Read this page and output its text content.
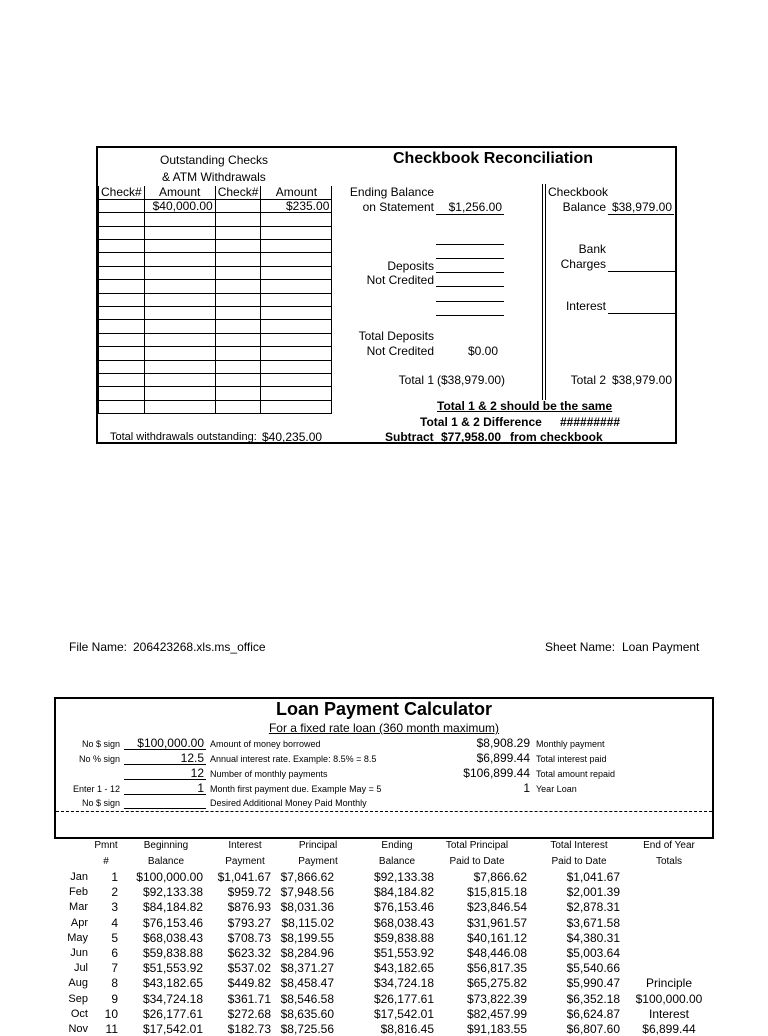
Outstanding Checks
& ATM Withdrawals
Checkbook Reconciliation
Check#	Amount	Check#	Amount
	$40,000.00		$235.00

Total withdrawals outstanding: $40,235.00
Ending Balance
on Statement	$1,256.00
Deposits
Not Credited
Total Deposits
Not Credited	$0.00
Total 1 ($38,979.00)
Checkbook
Balance $38,979.00
Bank
Charges
Interest
Total 2 $38,979.00
Total 1 & 2 should be the same
Total 1 & 2 Difference #########
Subtract $77,958.00 from checkbook
File Name: 206423268.xls.ms_office	Sheet Name: Loan Payment
Loan Payment Calculator
For a fixed rate loan (360 month maximum)
No $ sign	$100,000.00 Amount of money borrowed
No % sign	12.5 Annual interest rate. Example: 8.5% = 8.5
12 Number of monthly payments
Enter 1 - 12	1 Month first payment due. Example May = 5
No $ sign	Desired Additional Money Paid Monthly
$8,908.29 Monthly payment
$6,899.44 Total interest paid
$106,899.44 Total amount repaid
1 Year Loan
Pmnt	Beginning	Interest	Principal	Ending	Total Principal	Total Interest	End of Year
#	Balance	Payment	Payment	Balance	Paid to Date	Paid to Date	Totals
Jan	1	$100,000.00	$1,041.67 $7,866.62	$92,133.38	$7,866.62	$1,041.67
Feb	2	$92,133.38	$959.72 $7,948.56	$84,184.82	$15,815.18	$2,001.39
Mar	3	$84,184.82	$876.93 $8,031.36	$76,153.46	$23,846.54	$2,878.31
Apr	4	$76,153.46	$793.27 $8,115.02	$68,038.43	$31,961.57	$3,671.58
May	5	$68,038.43	$708.73 $8,199.55	$59,838.88	$40,161.12	$4,380.31
Jun	6	$59,838.88	$623.32 $8,284.96	$51,553.92	$48,446.08	$5,003.64
Jul	7	$51,553.92	$537.02 $8,371.27	$43,182.65	$56,817.35	$5,540.66
Aug	8	$43,182.65	$449.82 $8,458.47	$34,724.18	$65,275.82	$5,990.47	Principle
Sep	9	$34,724.18	$361.71 $8,546.58	$26,177.61	$73,822.39	$6,352.18	$100,000.00
Oct	10	$26,177.61	$272.68 $8,635.60	$17,542.01	$82,457.99	$6,624.87	Interest
Nov	11	$17,542.01	$182.73 $8,725.56	$8,816.45	$91,183.55	$6,807.60	$6,899.44
